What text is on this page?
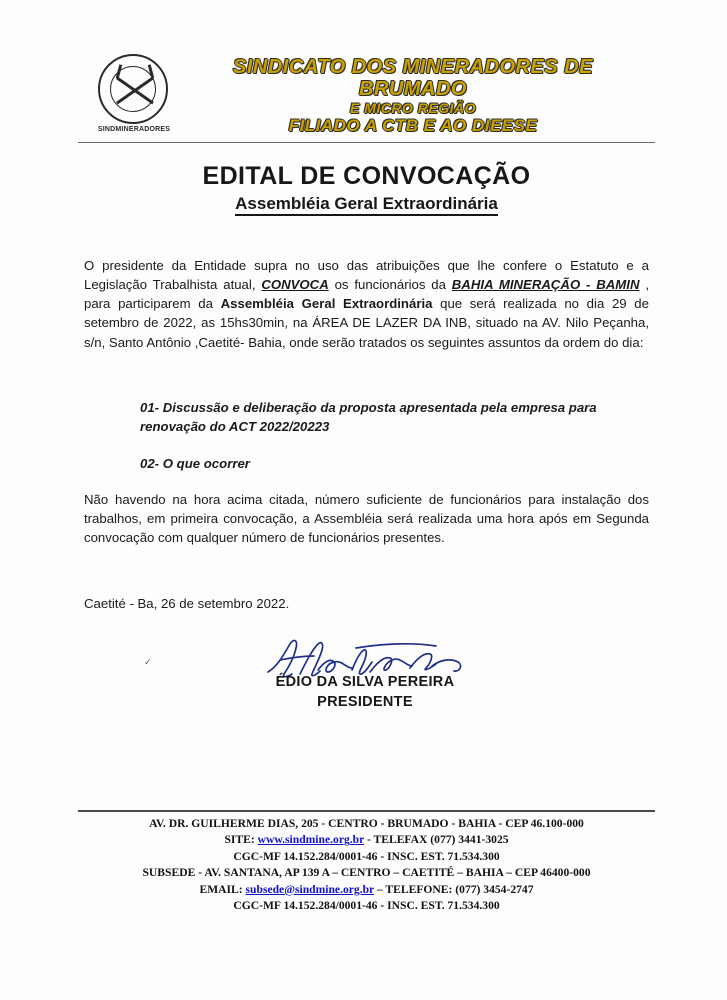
SINDMINERADORES
SINDICATO DOS MINERADORES DE BRUMADO
E MICRO REGIÃO
FILIADO A CTB E AO DIEESE
EDITAL DE CONVOCAÇÃO
Assembléia Geral Extraordinária
O presidente da Entidade supra no uso das atribuições que lhe confere o Estatuto e a Legislação Trabalhista atual, CONVOCA os funcionários da BAHIA MINERAÇÃO - BAMIN , para participarem da Assembléia Geral Extraordinária que será realizada no dia 29 de setembro de 2022, as 15hs30min, na ÁREA DE LAZER DA INB, situado na AV. Nilo Peçanha, s/n, Santo Antônio ,Caetité- Bahia, onde serão tratados os seguintes assuntos da ordem do dia:
01- Discussão e deliberação da proposta apresentada pela empresa para renovação do ACT 2022/20223
02- O que ocorrer
Não havendo na hora acima citada, número suficiente de funcionários para instalação dos trabalhos, em primeira convocação, a Assembléia será realizada uma hora após em Segunda convocação com qualquer número de funcionários presentes.
Caetité - Ba, 26 de setembro 2022.
✓
ÉDIO DA SILVA PEREIRA
PRESIDENTE
AV. DR. GUILHERME DIAS, 205 - CENTRO - BRUMADO - BAHIA - CEP 46.100-000
SITE: www.sindmine.org.br - TELEFAX (077) 3441-3025
CGC-MF 14.152.284/0001-46 - INSC. EST. 71.534.300
SUBSEDE - AV. SANTANA, AP 139 A – CENTRO – CAETITÉ – BAHIA – CEP 46400-000
EMAIL: subsede@sindmine.org.br – TELEFONE: (077) 3454-2747
CGC-MF 14.152.284/0001-46 - INSC. EST. 71.534.300
